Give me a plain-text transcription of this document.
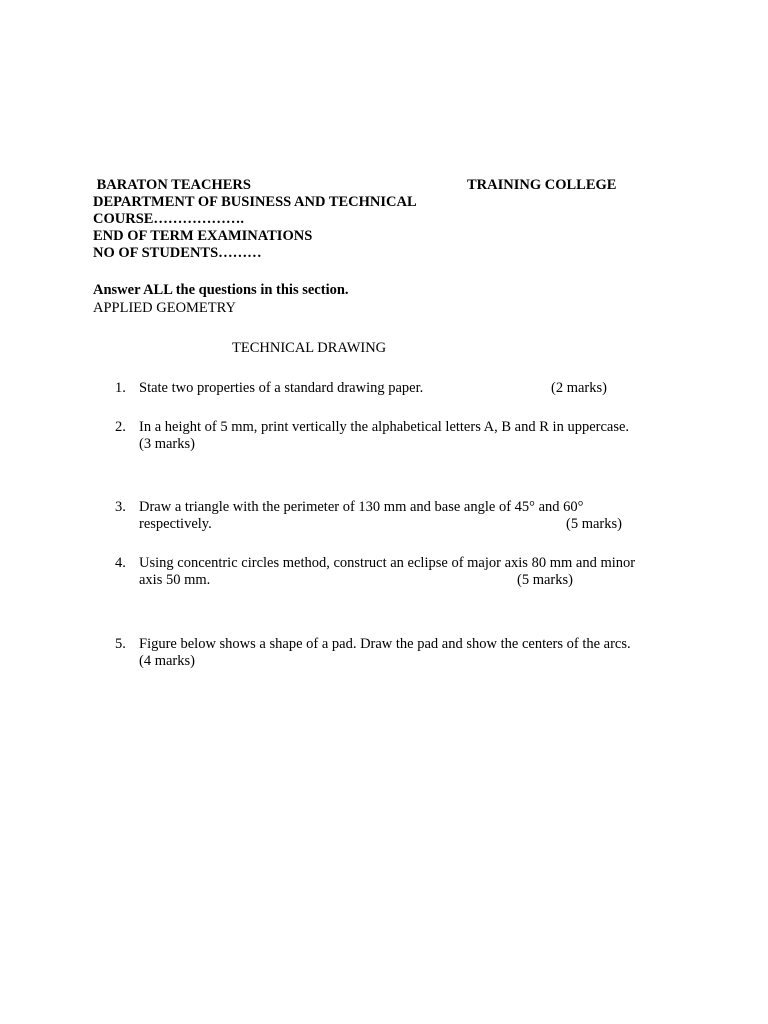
BARATON TEACHERS	TRAINING COLLEGE
DEPARTMENT OF BUSINESS AND TECHNICAL
COURSE……………….
END OF TERM EXAMINATIONS
NO OF STUDENTS………
Answer ALL the questions in this section.
APPLIED GEOMETRY
TECHNICAL DRAWING
1. State two properties of a standard drawing paper.	(2 marks)
2. In a height of 5 mm, print vertically the alphabetical letters A, B and R in uppercase.
(3 marks)
3. Draw a triangle with the perimeter of 130 mm and base angle of 45° and 60°
respectively.	(5 marks)
4. Using concentric circles method, construct an eclipse of major axis 80 mm and minor
axis 50 mm.	(5 marks)
5. Figure below shows a shape of a pad. Draw the pad and show the centers of the arcs.
(4 marks)
